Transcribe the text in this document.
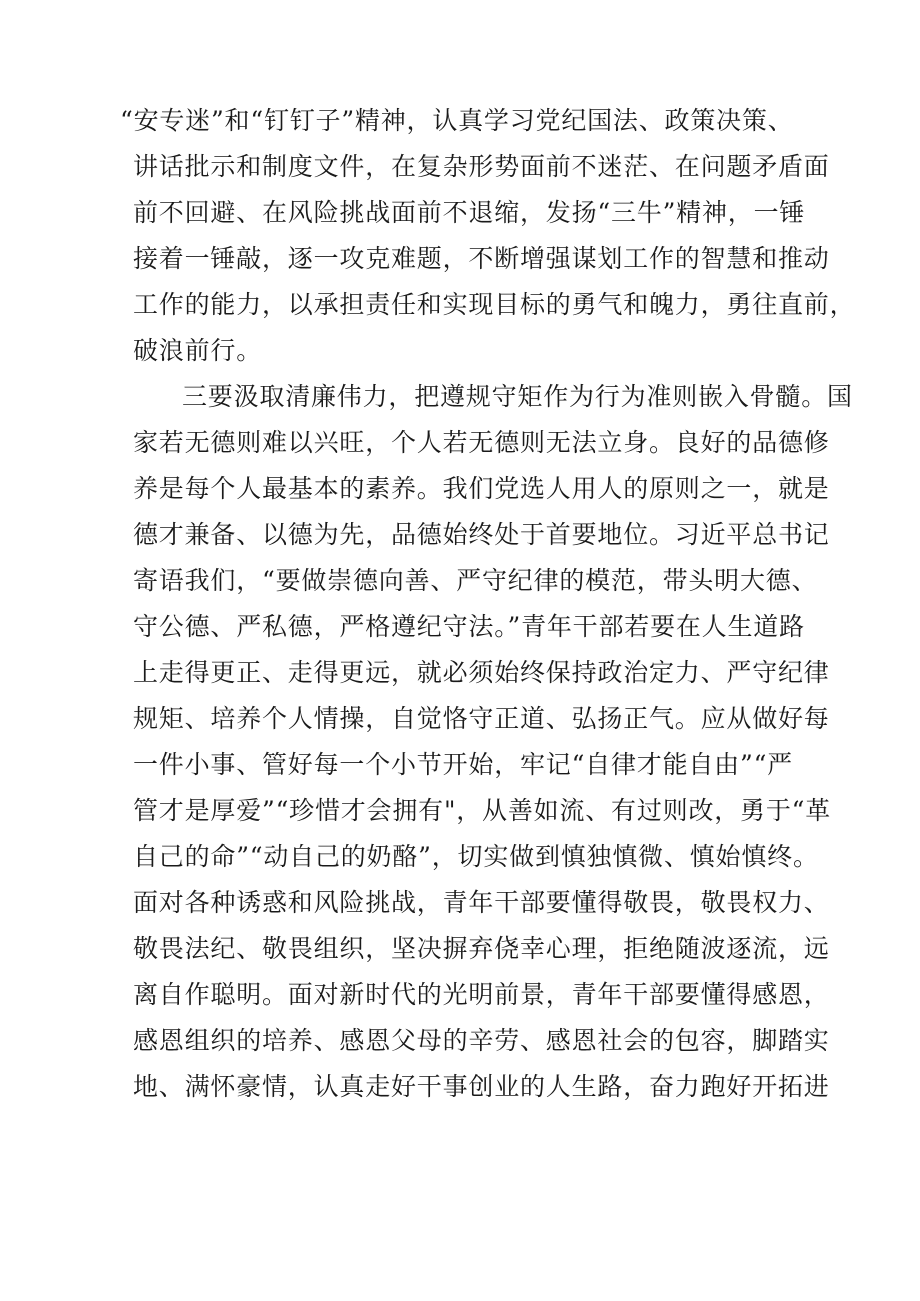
“安专迷”和“钉钉子”精神，认真学习党纪国法、政策决策、
讲话批示和制度文件，在复杂形势面前不迷茫、在问题矛盾面
前不回避、在风险挑战面前不退缩，发扬“三牛”精神，一锤
接着一锤敲，逐一攻克难题，不断增强谋划工作的智慧和推动
工作的能力，以承担责任和实现目标的勇气和魄力，勇往直前，
破浪前行。
三要汲取清廉伟力，把遵规守矩作为行为准则嵌入骨髓。国
家若无德则难以兴旺，个人若无德则无法立身。良好的品德修
养是每个人最基本的素养。我们党选人用人的原则之一，就是
德才兼备、以德为先，品德始终处于首要地位。习近平总书记
寄语我们，“要做崇德向善、严守纪律的模范，带头明大德、
守公德、严私德，严格遵纪守法。”青年干部若要在人生道路
上走得更正、走得更远，就必须始终保持政治定力、严守纪律
规矩、培养个人情操，自觉恪守正道、弘扬正气。应从做好每
一件小事、管好每一个小节开始，牢记“自律才能自由”“严
管才是厚爱”“珍惜才会拥有"，从善如流、有过则改，勇于“革
自己的命”“动自己的奶酪”，切实做到慎独慎微、慎始慎终。
面对各种诱惑和风险挑战，青年干部要懂得敬畏，敬畏权力、
敬畏法纪、敬畏组织，坚决摒弃侥幸心理，拒绝随波逐流，远
离自作聪明。面对新时代的光明前景，青年干部要懂得感恩，
感恩组织的培养、感恩父母的辛劳、感恩社会的包容，脚踏实
地、满怀豪情，认真走好干事创业的人生路，奋力跑好开拓进
